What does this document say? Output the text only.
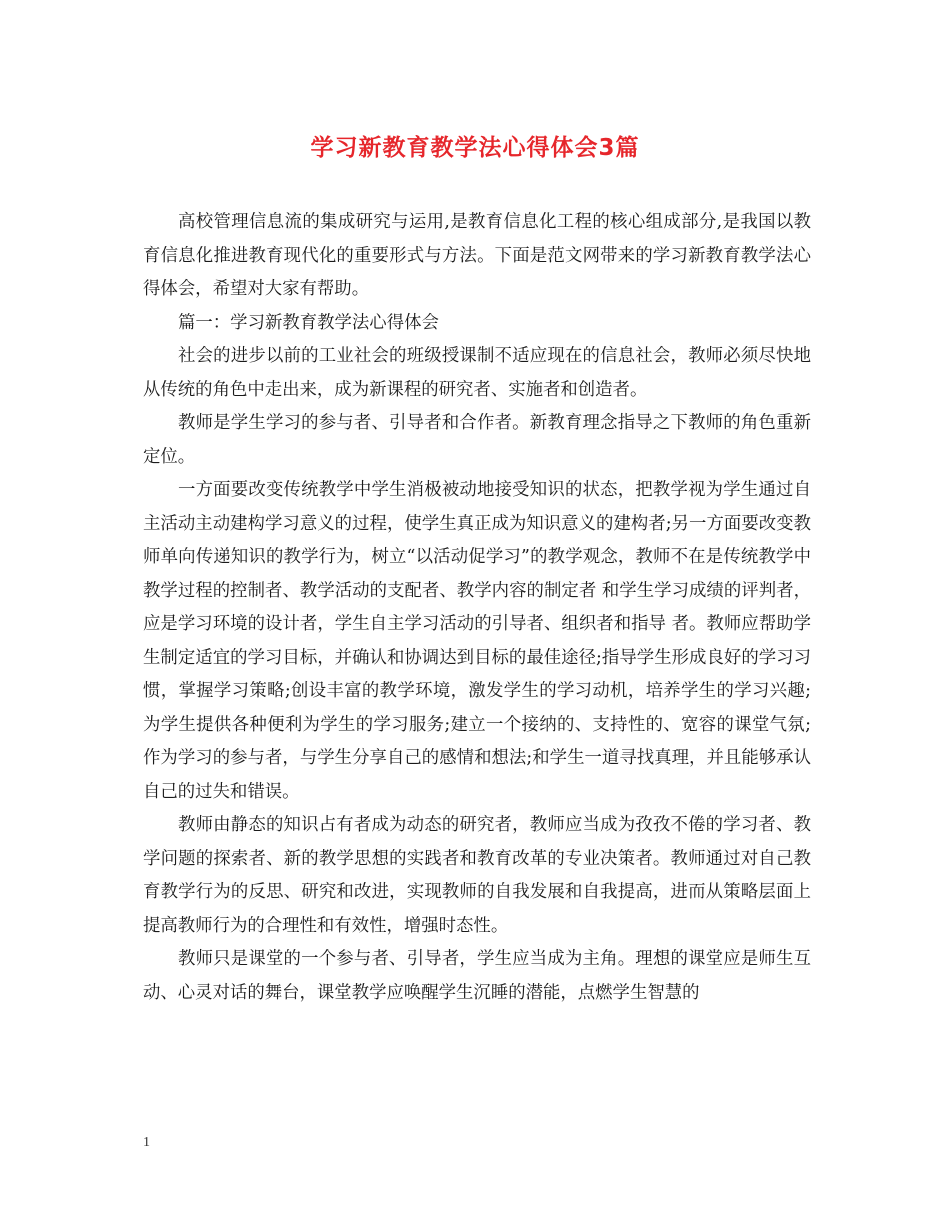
学习新教育教学法心得体会3篇

高校管理信息流的集成研究与运用,是教育信息化工程的核心组成部分,是我国以教育信息化推进教育现代化的重要形式与方法。下面是范文网带来的学习新教育教学法心得体会，希望对大家有帮助。

篇一：学习新教育教学法心得体会

社会的进步以前的工业社会的班级授课制不适应现在的信息社会，教师必须尽快地从传统的角色中走出来，成为新课程的研究者、实施者和创造者。

教师是学生学习的参与者、引导者和合作者。新教育理念指导之下教师的角色重新定位。

一方面要改变传统教学中学生消极被动地接受知识的状态，把教学视为学生通过自主活动主动建构学习意义的过程，使学生真正成为知识意义的建构者;另一方面要改变教师单向传递知识的教学行为，树立“以活动促学习”的教学观念，教师不在是传统教学中教学过程的控制者、教学活动的支配者、教学内容的制定者 和学生学习成绩的评判者，应是学习环境的设计者，学生自主学习活动的引导者、组织者和指导 者。教师应帮助学生制定适宜的学习目标，并确认和协调达到目标的最佳途径;指导学生形成良好的学习习惯，掌握学习策略;创设丰富的教学环境，激发学生的学习动机，培养学生的学习兴趣;为学生提供各种便利为学生的学习服务;建立一个接纳的、支持性的、宽容的课堂气氛;作为学习的参与者，与学生分享自己的感情和想法;和学生一道寻找真理，并且能够承认自己的过失和错误。

教师由静态的知识占有者成为动态的研究者，教师应当成为孜孜不倦的学习者、教学问题的探索者、新的教学思想的实践者和教育改革的专业决策者。教师通过对自己教育教学行为的反思、研究和改进，实现教师的自我发展和自我提高，进而从策略层面上提高教师行为的合理性和有效性，增强时态性。

教师只是课堂的一个参与者、引导者，学生应当成为主角。理想的课堂应是师生互动、心灵对话的舞台，课堂教学应唤醒学生沉睡的潜能，点燃学生智慧的

1
